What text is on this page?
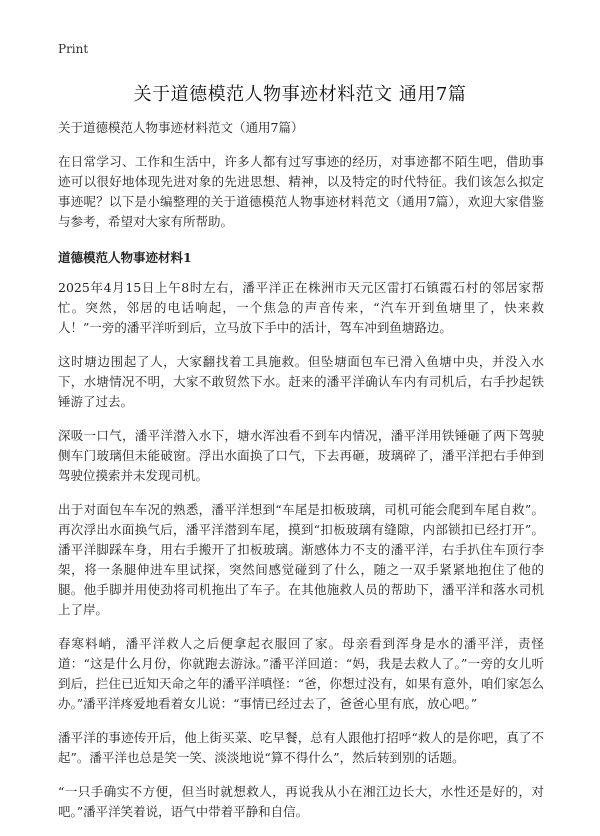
Print
关于道德模范人物事迹材料范文 通用7篇
关于道德模范人物事迹材料范文（通用7篇）

在日常学习、工作和生活中，许多人都有过写事迹的经历，对事迹都不陌生吧，借助事迹可以很好地体现先进对象的先进思想、精神，以及特定的时代特征。我们该怎么拟定事迹呢？以下是小编整理的关于道德模范人物事迹材料范文（通用7篇），欢迎大家借鉴与参考，希望对大家有所帮助。

道德模范人物事迹材料1

2025年4月15日上午8时左右，潘平洋正在株洲市天元区雷打石镇霞石村的邻居家帮忙。突然，邻居的电话响起，一个焦急的声音传来，“汽车开到鱼塘里了，快来救人！”一旁的潘平洋听到后，立马放下手中的活计，驾车冲到鱼塘路边。

这时塘边围起了人，大家翻找着工具施救。但坠塘面包车已滑入鱼塘中央，并没入水下，水塘情况不明，大家不敢贸然下水。赶来的潘平洋确认车内有司机后，右手抄起铁锤游了过去。

深吸一口气，潘平洋潜入水下，塘水浑浊看不到车内情况，潘平洋用铁锤砸了两下驾驶侧车门玻璃但未能破窗。浮出水面换了口气，下去再砸，玻璃碎了，潘平洋把右手伸到驾驶位摸索并未发现司机。

出于对面包车车况的熟悉，潘平洋想到“车尾是扣板玻璃，司机可能会爬到车尾自救”。再次浮出水面换气后，潘平洋潜到车尾，摸到“扣板玻璃有缝隙，内部锁扣已经打开”。潘平洋脚踩车身，用右手搬开了扣板玻璃。渐感体力不支的潘平洋，右手扒住车顶行李架，将一条腿伸进车里试探，突然间感觉碰到了什么，随之一双手紧紧地抱住了他的腿。他手脚并用使劲将司机拖出了车子。在其他施救人员的帮助下，潘平洋和落水司机上了岸。

春寒料峭，潘平洋救人之后便拿起衣服回了家。母亲看到浑身是水的潘平洋，责怪道：“这是什么月份，你就跑去游泳。”潘平洋回道：“妈，我是去救人了。”一旁的女儿听到后，拦住已近知天命之年的潘平洋嗔怪：“爸，你想过没有，如果有意外，咱们家怎么办。”潘平洋疼爱地看着女儿说：“事情已经过去了，爸爸心里有底，放心吧。”

潘平洋的事迹传开后，他上街买菜、吃早餐，总有人跟他打招呼“救人的是你吧，真了不起”。潘平洋也总是笑一笑、淡淡地说“算不得什么”，然后转到别的话题。

“一只手确实不方便，但当时就想救人，再说我从小在湘江边长大，水性还是好的，对吧。”潘平洋笑着说，语气中带着平静和自信。
